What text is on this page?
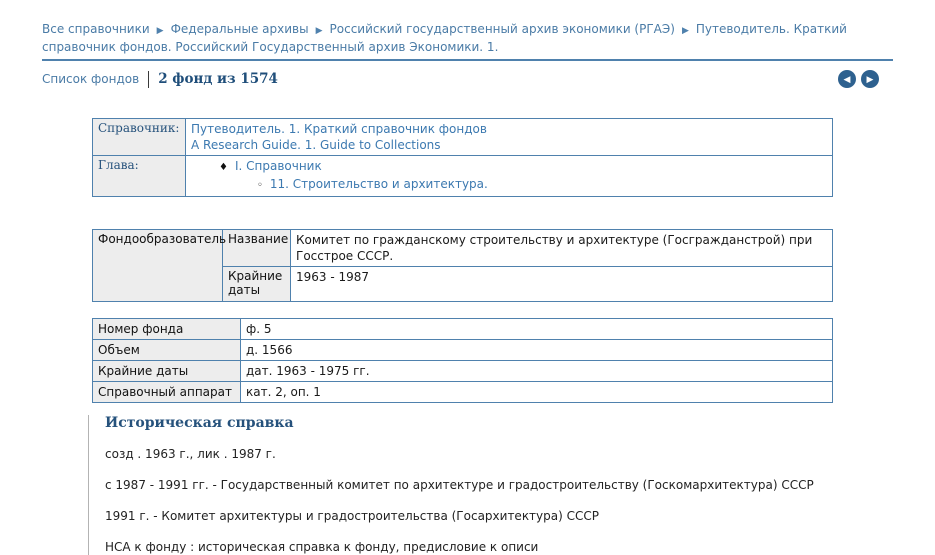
Все справочники ▶ Федеральные архивы ▶ Российский государственный архив экономики (РГАЭ) ▶ Путеводитель. Краткий справочник фондов. Российский Государственный архив Экономики. 1.
Список фондов 2 фонд из 1574	◀ ▶
Справочник:	Путеводитель. 1. Краткий справочник фондов
A Research Guide. 1. Guide to Collections

Глава:	♦ I. Справочник
◦ 11. Строительство и архитектура.
Фондообразователь	Название	Комитет по гражданскому строительству и архитектуре (Госгражданстрой) при Госстрое СССР.
	Крайние даты	1963 - 1987
Номер фонда	ф. 5
Объем	д. 1566
Крайние даты	дат. 1963 - 1975 гг.
Справочный аппарат	кат. 2, оп. 1
Историческая справка

созд . 1963 г., лик . 1987 г.

с 1987 - 1991 гг. - Государственный комитет по архитектуре и градостроительству (Госкомархитектура) СССР

1991 г. - Комитет архитектуры и градостроительства (Госархитектура) СССР

НСА к фонду : историческая справка к фонду, предисловие к описи
